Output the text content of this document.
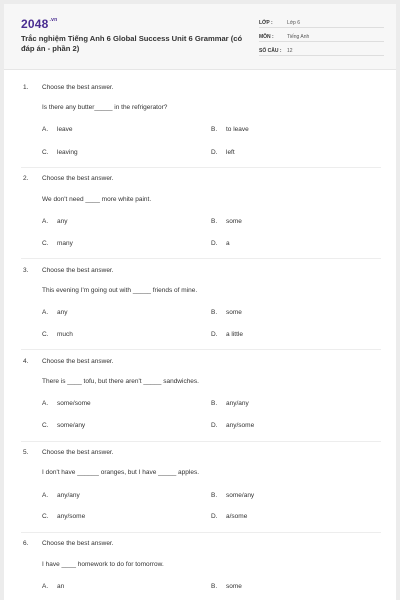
$2048^{.vn}$
Trắc nghiệm Tiếng Anh 6 Global Success Unit 6 Grammar (có đáp án - phần 2)
LỚP :	Lớp 6
MÔN :	Tiếng Anh
SỐ CÂU : 12
1. Choose the best answer.
Is there any butter_____ in the refrigerator?
A. leave	B. to leave
C. leaving	D. left
2. Choose the best answer.
We don't need ____ more white paint.
A. any	B. some
C. many	D. a
3. Choose the best answer.
This evening I'm going out with _____ friends of mine.
A. any	B. some
C. much	D. a little
4. Choose the best answer.
There is ____ tofu, but there aren't _____ sandwiches.
A. some/some	B. any/any
C. some/any	D. any/some
5. Choose the best answer.
I don't have ______ oranges, but I have _____ apples.
A. any/any	B. some/any
C. any/some	D. a/some
6. Choose the best answer.
I have ____ homework to do for tomorrow.
A. an	B. some
